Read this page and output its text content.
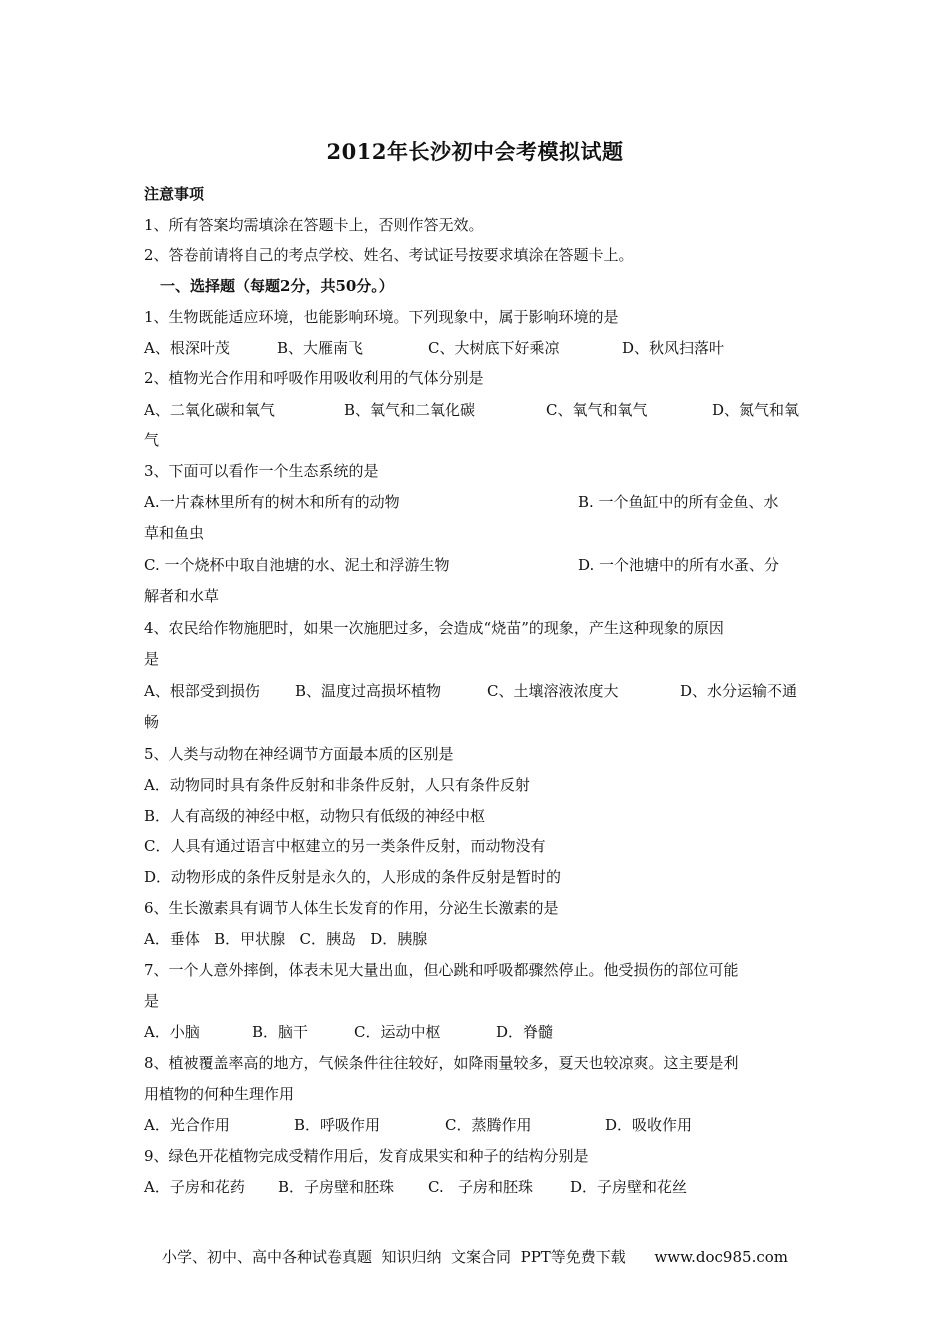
2012年长沙初中会考模拟试题

注意事项

1、所有答案均需填涂在答题卡上，否则作答无效。

2、答卷前请将自己的考点学校、姓名、考试证号按要求填涂在答题卡上。

一、选择题（每题2分，共50分。）

1、生物既能适应环境，也能影响环境。下列现象中，属于影响环境的是

A、根深叶茂	B、大雁南飞	C、大树底下好乘凉	D、秋风扫落叶

2、植物光合作用和呼吸作用吸收利用的气体分别是

A、二氧化碳和氧气	B、氧气和二氧化碳	C、氧气和氧气	D、氮气和氧

气

3、下面可以看作一个生态系统的是

A.一片森林里所有的树木和所有的动物	B. 一个鱼缸中的所有金鱼、水

草和鱼虫

C. 一个烧杯中取自池塘的水、泥土和浮游生物	D. 一个池塘中的所有水蚤、分

解者和水草

4、农民给作物施肥时，如果一次施肥过多，会造成“烧苗”的现象，产生这种现象的原因

是

A、根部受到损伤 B、温度过高损坏植物	C、土壤溶液浓度大	D、水分运输不通

畅

5、人类与动物在神经调节方面最本质的区别是

A．动物同时具有条件反射和非条件反射，人只有条件反射

B．人有高级的神经中枢，动物只有低级的神经中枢

C．人具有通过语言中枢建立的另一类条件反射，而动物没有

D．动物形成的条件反射是永久的，人形成的条件反射是暂时的

6、生长激素具有调节人体生长发育的作用，分泌生长激素的是

A．垂体   B．甲状腺   C．胰岛   D．胰腺

7、一个人意外摔倒，体表未见大量出血，但心跳和呼吸都骤然停止。他受损伤的部位可能

是

A．小脑	B．脑干	C．运动中枢	D．脊髓

8、植被覆盖率高的地方，气候条件往往较好，如降雨量较多，夏天也较凉爽。这主要是利

用植物的何种生理作用

A．光合作用	B．呼吸作用	C．蒸腾作用	D．吸收作用

9、绿色开花植物完成受精作用后，发育成果实和种子的结构分别是

A．子房和花药 B．子房壁和胚珠 C.   子房和胚珠 D．子房壁和花丝

小学、初中、高中各种试卷真题  知识归纳  文案合同  PPT等免费下载      www.doc985.com
